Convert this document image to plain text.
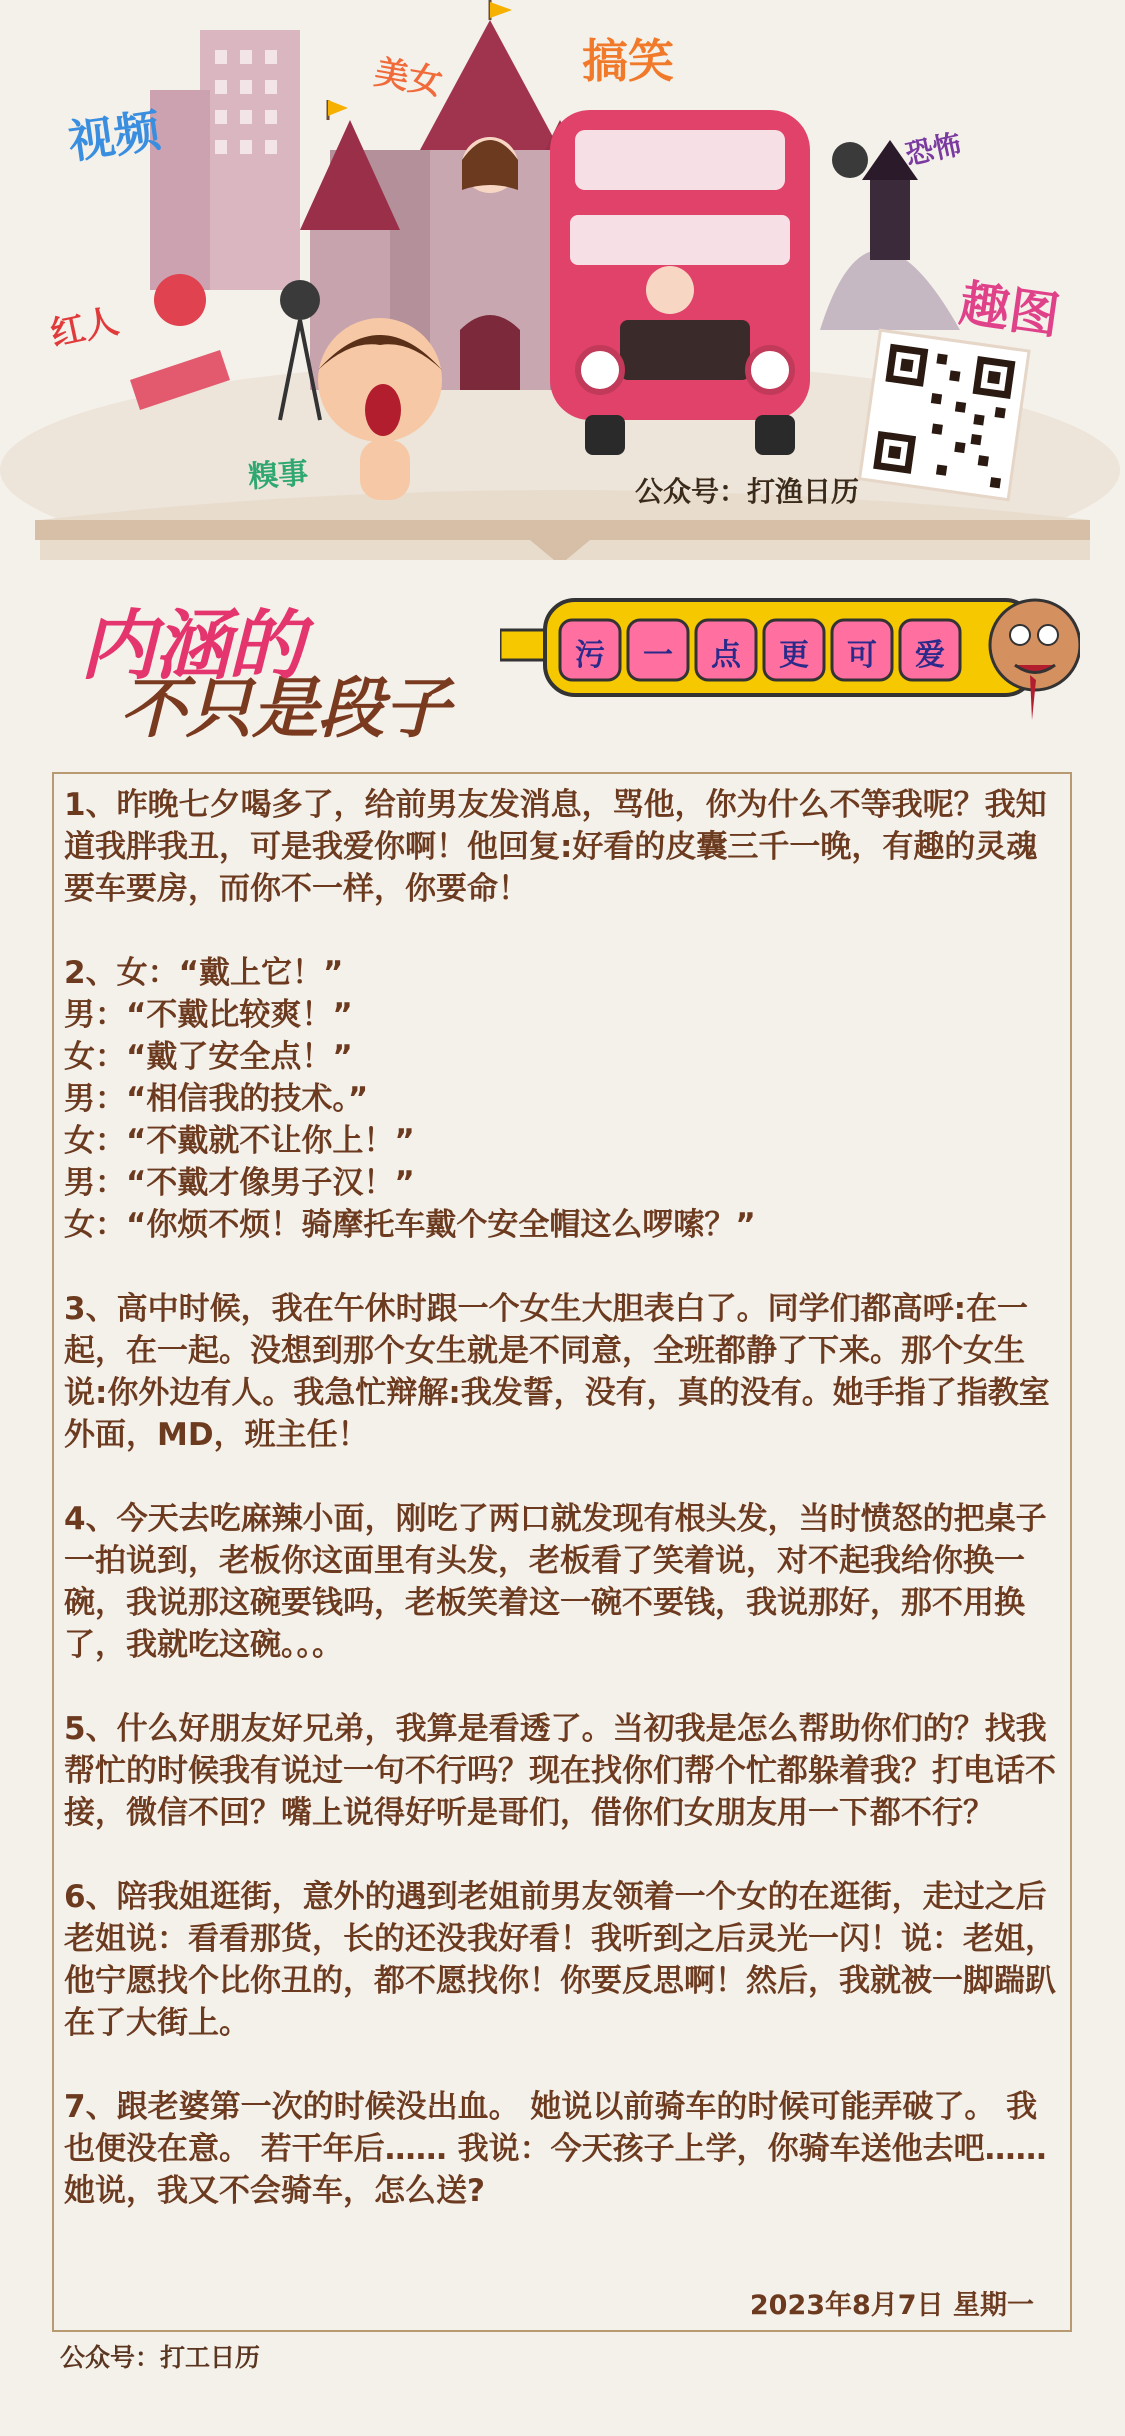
视频
美女	搞笑
恐怖
红人	趣图
糗事	公众号：打渔日历
内涵的
不只是段子
污 一 点 更 可 爱

1、昨晚七夕喝多了，给前男友发消息，骂他，你为什么不等我呢？我知道我胖我丑，可是我爱你啊！他回复:好看的皮囊三千一晚，有趣的灵魂要车要房，而你不一样，你要命！

2、女：“戴上它！”
男：“不戴比较爽！”
女：“戴了安全点！”
男：“相信我的技术。”
女：“不戴就不让你上！”
男：“不戴才像男子汉！”
女：“你烦不烦！骑摩托车戴个安全帽这么啰嗦？”

3、高中时候，我在午休时跟一个女生大胆表白了。同学们都高呼:在一起，在一起。没想到那个女生就是不同意，全班都静了下来。那个女生说:你外边有人。我急忙辩解:我发誓，没有，真的没有。她手指了指教室外面，MD，班主任！

4、今天去吃麻辣小面，刚吃了两口就发现有根头发，当时愤怒的把桌子一拍说到，老板你这面里有头发，老板看了笑着说，对不起我给你换一碗，我说那这碗要钱吗，老板笑着这一碗不要钱，我说那好，那不用换了，我就吃这碗。。。

5、什么好朋友好兄弟，我算是看透了。当初我是怎么帮助你们的？找我帮忙的时候我有说过一句不行吗？现在找你们帮个忙都躲着我？打电话不接，微信不回？嘴上说得好听是哥们，借你们女朋友用一下都不行？

6、陪我姐逛街，意外的遇到老姐前男友领着一个女的在逛街，走过之后老姐说：看看那货，长的还没我好看！我听到之后灵光一闪！说：老姐，他宁愿找个比你丑的，都不愿找你！你要反思啊！然后，我就被一脚踹趴在了大街上。

7、跟老婆第一次的时候没出血。 她说以前骑车的时候可能弄破了。 我也便没在意。 若干年后…… 我说：今天孩子上学，你骑车送他去吧……
她说，我又不会骑车，怎么送?

2023年8月7日 星期一
公众号：打工日历
